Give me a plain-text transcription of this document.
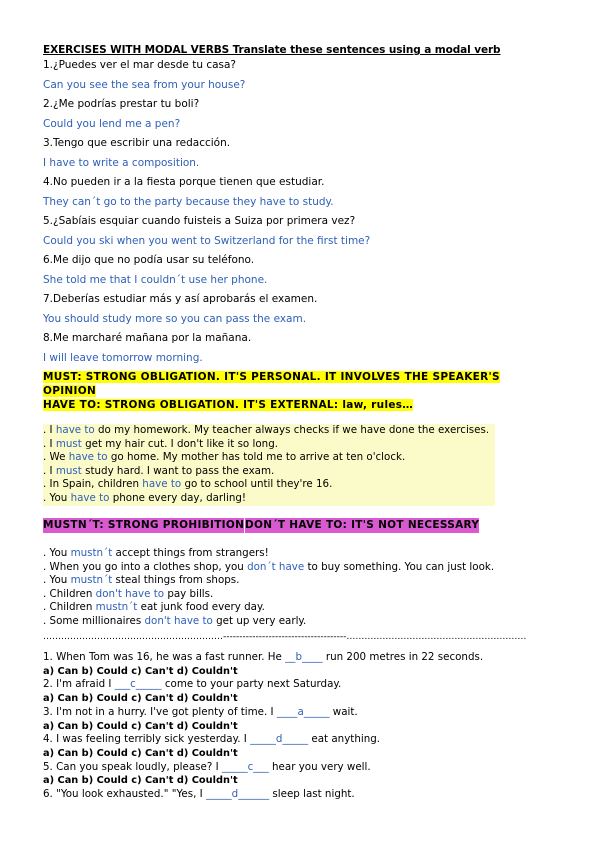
EXERCISES WITH MODAL VERBS Translate these sentences using a modal verb
1.¿Puedes ver el mar desde tu casa?
Can you see the sea from your house?
2.¿Me podrías prestar tu boli?
Could you lend me a pen?
3.Tengo que escribir una redacción.
I have to write a composition.
4.No pueden ir a la fiesta porque tienen que estudiar.
They can´t go to the party because they have to study.
5.¿Sabíais esquiar cuando fuisteis a Suiza por primera vez?
Could you ski when you went to Switzerland for the first time?
6.Me dijo que no podía usar su teléfono.
She told me that I couldn´t use her phone.
7.Deberías estudiar más y así aprobarás el examen.
You should study more so you can pass the exam.
8.Me marcharé mañana por la mañana.
I will leave tomorrow morning.
MUST: STRONG OBLIGATION. IT'S PERSONAL. IT INVOLVES THE SPEAKER'S
OPINION
HAVE TO: STRONG OBLIGATION. IT'S EXTERNAL: law, rules…
. I have to do my homework. My teacher always checks if we have done the exercises.
. I must get my hair cut. I don't like it so long.
. We have to go home. My mother has told me to arrive at ten o'clock.
. I must study hard. I want to pass the exam.
. In Spain, children have to go to school until they're 16.
. You have to phone every day, darling!
MUSTN´T: STRONG PROHIBITION DON´T HAVE TO: IT'S NOT NECESSARY
. You mustn´t accept things from strangers!
. When you go into a clothes shop, you don´t have to buy something. You can just look.
. You mustn´t steal things from shops.
. Children don't have to pay bills.
. Children mustn´t eat junk food every day.
. Some millionaires don't have to get up very early.
……………………………………………………--------------------------------------……………………………………………………
1. When Tom was 16, he was a fast runner. He __b____ run 200 metres in 22 seconds.
a) Can b) Could c) Can't d) Couldn't
2. I'm afraid I ___c_____ come to your party next Saturday.
a) Can b) Could c) Can't d) Couldn't
3. I'm not in a hurry. I've got plenty of time. I ____a_____ wait.
a) Can b) Could c) Can't d) Couldn't
4. I was feeling terribly sick yesterday. I _____d_____ eat anything.
a) Can b) Could c) Can't d) Couldn't
5. Can you speak loudly, please? I _____c___ hear you very well.
a) Can b) Could c) Can't d) Couldn't
6. "You look exhausted." "Yes, I _____d______ sleep last night.
